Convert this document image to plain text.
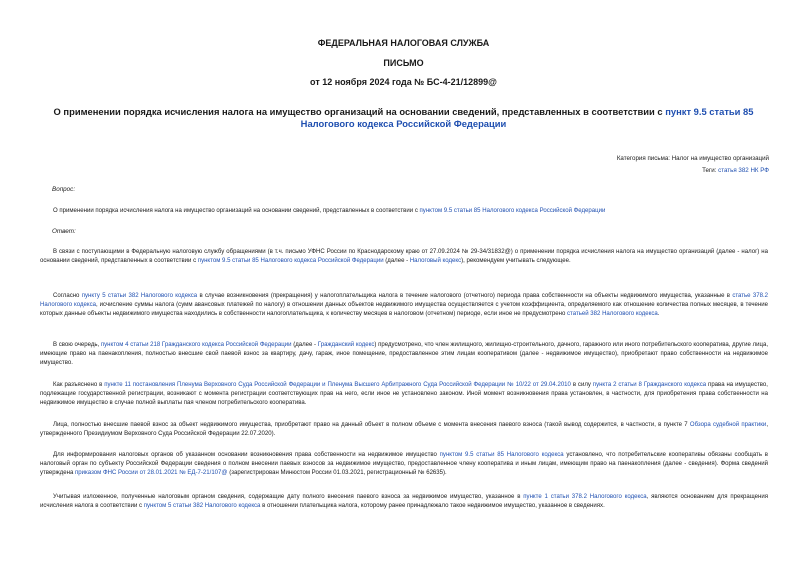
ФЕДЕРАЛЬНАЯ НАЛОГОВАЯ СЛУЖБА
ПИСЬМО
от 12 ноября 2024 года № БС-4-21/12899@
О применении порядка исчисления налога на имущество организаций на основании сведений, представленных в соответствии с пункт 9.5 статьи 85 Налогового кодекса Российской Федерации
Категория письма: Налог на имущество организаций
Теги: статья 382 НК РФ
Вопрос:

О применении порядка исчисления налога на имущество организаций на основании сведений, представленных в соответствии с пунктом 9.5 статьи 85 Налогового кодекса Российской Федерации

Ответ:

В связи с поступающими в Федеральную налоговую службу обращениями (в т.ч. письмо УФНС России по Краснодарскому краю от 27.09.2024 № 29-34/31832@) о применении порядка исчисления налога на имущество организаций (далее - налог) на основании сведений, представленных в соответствии с пунктом 9.5 статьи 85 Налогового кодекса Российской Федерации (далее - Налоговый кодекс), рекомендуем учитывать следующее.

Согласно пункту 5 статьи 382 Налогового кодекса в случае возникновения (прекращения) у налогоплательщика налога в течение налогового (отчетного) периода права собственности на объекты недвижимого имущества, указанные в статье 378.2 Налогового кодекса, исчисление суммы налога (сумм авансовых платежей по налогу) в отношении данных объектов недвижимого имущества осуществляется с учетом коэффициента, определяемого как отношение количества полных месяцев, в течение которых данные объекты недвижимого имущества находились в собственности налогоплательщика, к количеству месяцев в налоговом (отчетном) периоде, если иное не предусмотрено статьей 382 Налогового кодекса.

В свою очередь, пунктом 4 статьи 218 Гражданского кодекса Российской Федерации (далее - Гражданский кодекс) предусмотрено, что член жилищного, жилищно-строительного, дачного, гаражного или иного потребительского кооператива, другие лица, имеющие право на паенакопления, полностью внесшие свой паевой взнос за квартиру, дачу, гараж, иное помещение, предоставленное этим лицам кооперативом (далее - недвижимое имущество), приобретают право собственности на недвижимое имущество.

Как разъяснено в пункте 11 постановления Пленума Верховного Суда Российской Федерации и Пленума Высшего Арбитражного Суда Российской Федерации № 10/22 от 29.04.2010 в силу пункта 2 статьи 8 Гражданского кодекса права на имущество, подлежащие государственной регистрации, возникают с момента регистрации соответствующих прав на него, если иное не установлено законом. Иной момент возникновения права установлен, в частности, для приобретения права собственности на недвижимое имущество в случае полной выплаты пая членом потребительского кооператива.

Лица, полностью внесшие паевой взнос за объект недвижимого имущества, приобретают право на данный объект в полном объеме с момента внесения паевого взноса (такой вывод содержится, в частности, в пункте 7 Обзора судебной практики, утвержденного Президиумом Верховного Суда Российской Федерации 22.07.2020).

Для информирования налоговых органов об указанном основании возникновения права собственности на недвижимое имущество пунктом 9.5 статьи 85 Налогового кодекса установлено, что потребительские кооперативы обязаны сообщать в налоговый орган по субъекту Российской Федерации сведения о полном внесении паевых взносов за недвижимое имущество, предоставленное члену кооператива и иным лицам, имеющим право на паенакопления (далее - сведения). Форма сведений утверждена приказом ФНС России от 28.01.2021 № ЕД-7-21/107@ (зарегистрирован Минюстом России 01.03.2021, регистрационный № 62635).

Учитывая изложенное, полученные налоговым органом сведения, содержащие дату полного внесения паевого взноса за недвижимое имущество, указанное в пункте 1 статьи 378.2 Налогового кодекса, являются основанием для прекращения исчисления налога в соответствии с пунктом 5 статьи 382 Налогового кодекса в отношении плательщика налога, которому ранее принадлежало такое недвижимое имущество, указанное в сведениях.
